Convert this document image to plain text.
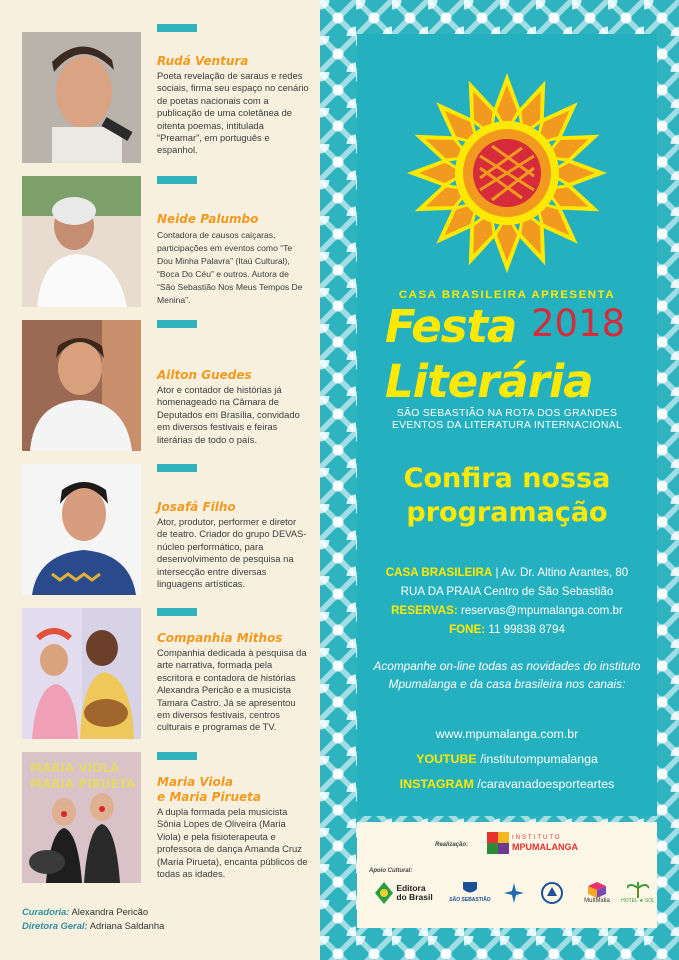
Rudá Ventura
Poeta revelação de saraus e redes sociais, firma seu espaço no cenário de poetas nacionais com a publicação de uma coletânea de oitenta poemas, intitulada “Preamar”, em português e espanhol.
Neide Palumbo
Contadora de causos caiçaras, participações em eventos como “Te Dou Minha Palavra” (Itaú Cultural), “Boca Do Céu” e outros. Autora de “São Sebastião Nos Meus Tempos De Menina”.
Ailton Guedes
Ator e contador de histórias já homenageado na Câmara de Deputados em Brasília, convidado em diversos festivais e feiras literárias de todo o país.
Josafá Filho
Ator, produtor, performer e diretor de teatro. Criador do grupo DEVAS-núcleo performático, para desenvolvimento de pesquisa na intersecção entre diversas linguagens artísticas.
Companhia Mithos
Companhia dedicada à pesquisa da arte narrativa, formada pela escritora e contadora de histórias Alexandra Pericão e a musicista Tamara Castro. Já se apresentou em diversos festivais, centros culturais e programas de TV.
MARIA VIOLA
MARIA PIRUETA Maria Viola
e Maria Pirueta
A dupla formada pela musicista Sônia Lopes de Oliveira (Maria Viola) e pela fisioterapeuta e professora de dança Amanda Cruz (Maria Pirueta), encanta públicos de todas as idades.
Curadoria: Alexandra Pericão
Diretora Geral: Adriana Saldanha
CASA BRASILEIRA APRESENTA
Festa 2018
Literária
SÃO SEBASTIÃO NA ROTA DOS GRANDES
EVENTOS DA LITERATURA INTERNACIONAL
Confira nossa
programação
CASA BRASILEIRA | Av. Dr. Altino Arantes, 80
RUA DA PRAIA Centro de São Sebastião
RESERVAS: reservas@mpumalanga.com.br
FONE: 11 99838 8794
Acompanhe on-line todas as novidades do instituto
Mpumalanga e da casa brasileira nos canais:
www.mpumalanga.com.br
YOUTUBE /institutompumalanga
INSTAGRAM /caravanadoesporteartes
Realização:
INSTITUTO
MPUMALANGA
Apoio Cultural:
Editora
do Brasil	SÃO SEBASTIÃO	MultMidia HOTEL ★ SOL
